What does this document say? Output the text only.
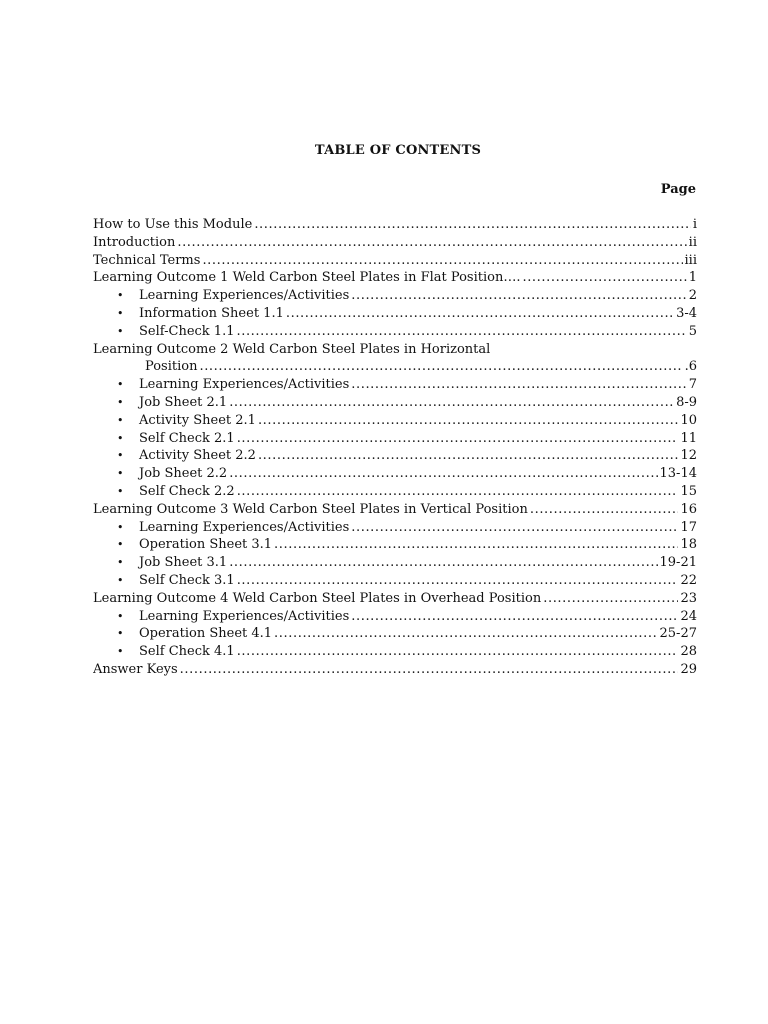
TABLE OF CONTENTS
Page
How to Use this Module .....	i
Introduction .....	ii
Technical Terms .....	iii
Learning Outcome 1 Weld Carbon Steel Plates in Flat Position…. .....	1
•	Learning Experiences/Activities .....	2
•	Information Sheet 1.1 .....	3-4
•	Self-Check 1.1 .....	5
Learning Outcome 2 Weld Carbon Steel Plates in Horizontal
Position .....	.6
•	Learning Experiences/Activities .....	7
•	Job Sheet 2.1 .....	8-9
•	Activity Sheet 2.1 .....	10
•	Self Check 2.1 .....	11
•	Activity Sheet 2.2 .....	12
•	Job Sheet 2.2 .....	13-14
•	Self Check 2.2 .....	15
Learning Outcome 3 Weld Carbon Steel Plates in Vertical Position .....	16
•	Learning Experiences/Activities .....	17
•	Operation Sheet 3.1 .....	18
•	Job Sheet 3.1 .....	19-21
•	Self Check 3.1 .....	22
Learning Outcome 4 Weld Carbon Steel Plates in Overhead Position .....	23
•	Learning Experiences/Activities .....	24
•	Operation Sheet 4.1 .....	25-27
•	Self Check 4.1 .....	28
Answer Keys .....	29
